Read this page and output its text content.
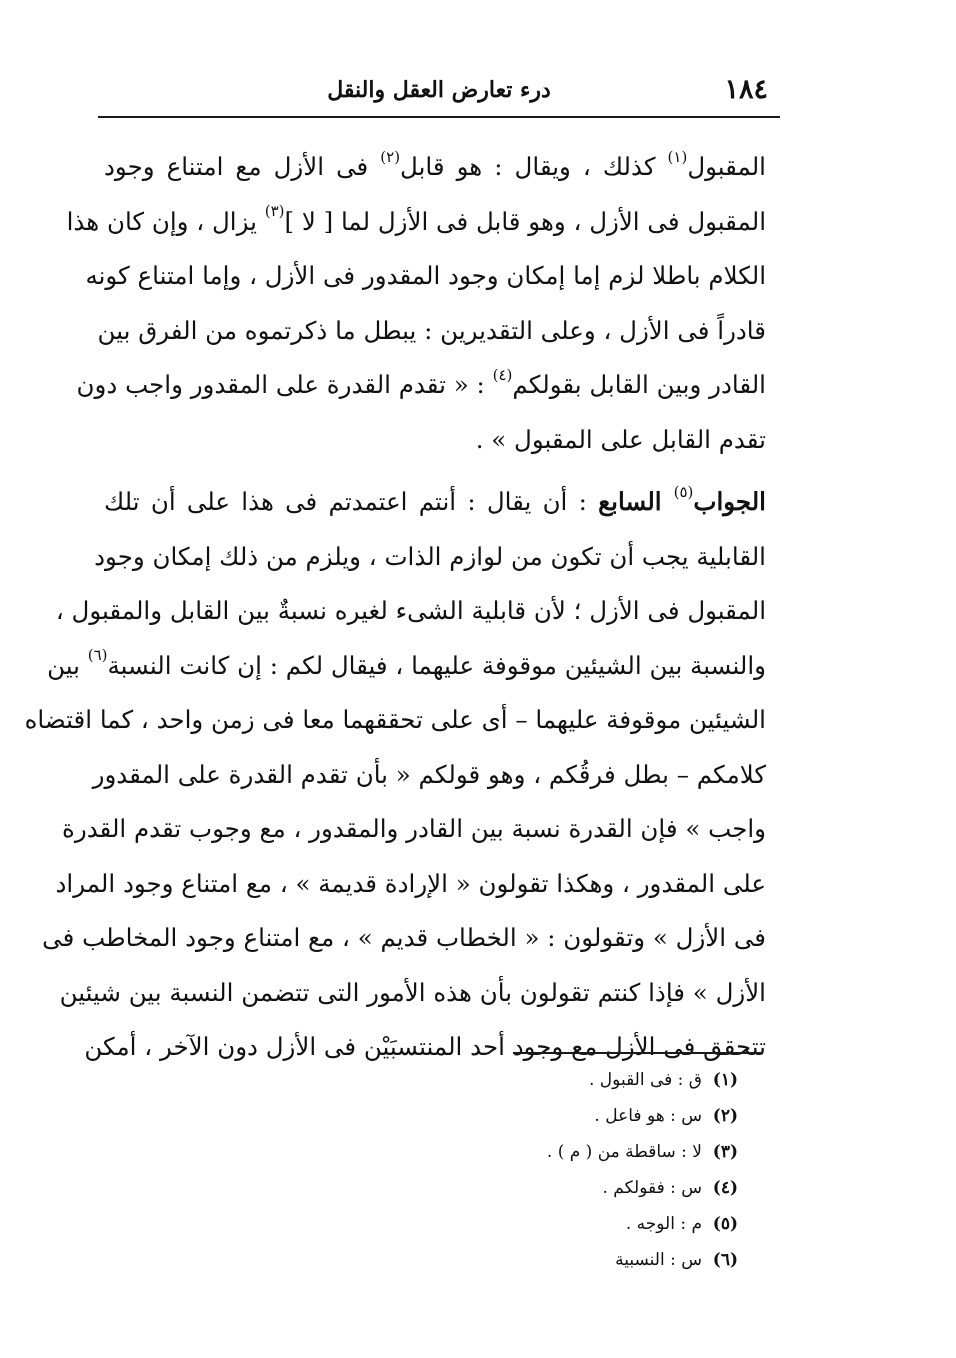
١٨٤
درء تعارض العقل والنقل

المقبول$^{(١)}$ كذلك ، ويقال : هو قابل$^{(٢)}$ فى الأزل مع امتناع وجود
المقبول فى الأزل ، وهو قابل فى الأزل لما [ لا ]$^{(٣)}$ يزال ، وإن كان هذا
الكلام باطلا لزم إما إمكان وجود المقدور فى الأزل ، وإما امتناع كونه
قادراً فى الأزل ، وعلى التقديرين : يبطل ما ذكرتموه من الفرق بين
القادر وبين القابل بقولكم$^{(٤)}$ : « تقدم القدرة على المقدور واجب دون
تقدم القابل على المقبول » .

الجواب$^{(٥)}$ السابع : أن يقال : أنتم اعتمدتم فى هذا على أن تلك
القابلية يجب أن تكون من لوازم الذات ، ويلزم من ذلك إمكان وجود
المقبول فى الأزل ؛ لأن قابلية الشىء لغيره نسبةٌ بين القابل والمقبول ،
والنسبة بين الشيئين موقوفة عليهما ، فيقال لكم : إن كانت النسبة$^{(٦)}$ بين
الشيئين موقوفة عليهما – أى على تحققهما معا فى زمن واحد ، كما اقتضاه
كلامكم – بطل فرقُكم ، وهو قولكم « بأن تقدم القدرة على المقدور
واجب » فإن القدرة نسبة بين القادر والمقدور ، مع وجوب تقدم القدرة
على المقدور ، وهكذا تقولون « الإرادة قديمة » ، مع امتناع وجود المراد
فى الأزل » وتقولون : « الخطاب قديم » ، مع امتناع وجود المخاطب فى
الأزل » فإذا كنتم تقولون بأن هذه الأمور التى تتضمن النسبة بين شيئين
تتحقق فى الأزل مع وجود أحد المنتسبَيْن فى الأزل دون الآخر ، أمكن

(١)ق : فى القبول .
(٢)س : هو فاعل .
(٣)لا : ساقطة من ( م ) .
(٤)س : فقولكم .
(٥)م : الوجه .
(٦)س : النسبية
